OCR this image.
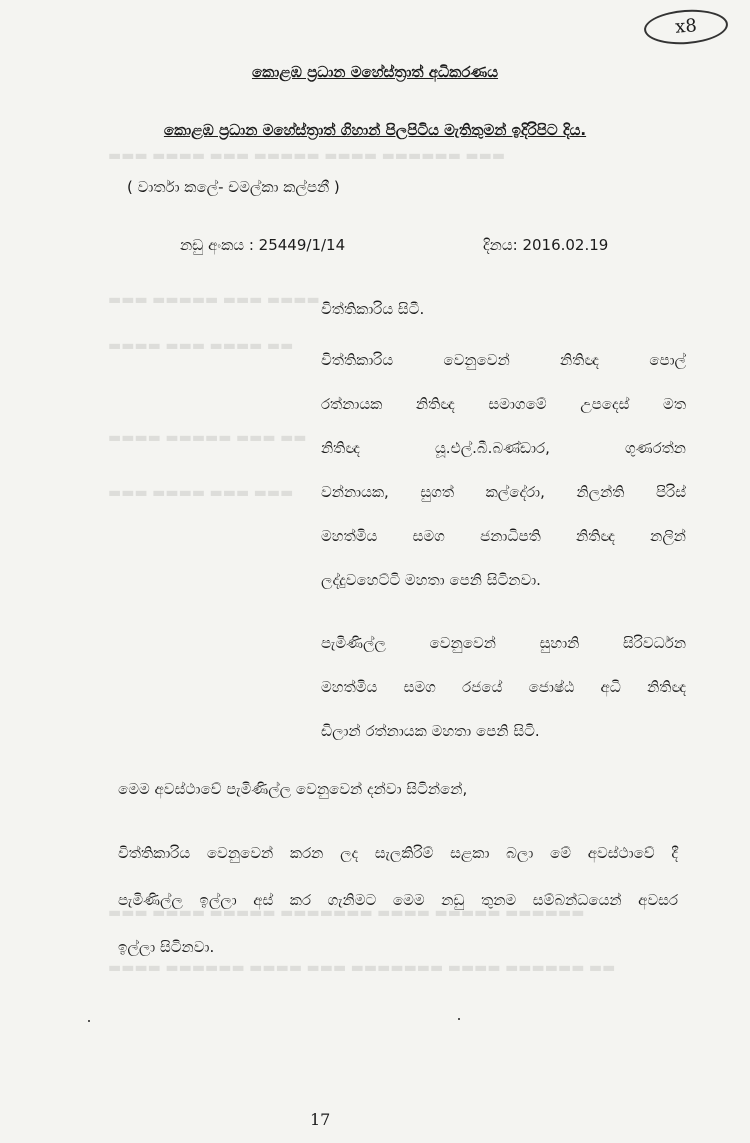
▬▬▬ ▬▬▬▬ ▬▬▬ ▬▬▬▬▬ ▬▬▬▬ ▬▬▬▬▬▬ ▬▬▬
▬▬▬ ▬▬▬▬▬ ▬▬▬ ▬▬▬▬
▬▬▬▬ ▬▬▬ ▬▬▬▬ ▬▬
▬▬▬▬ ▬▬▬▬▬ ▬▬▬ ▬▬
▬▬▬ ▬▬▬▬ ▬▬▬ ▬▬▬
▬▬▬ ▬▬▬▬ ▬▬▬▬▬ ▬▬▬▬▬▬▬ ▬▬▬▬ ▬▬▬▬▬ ▬▬▬▬▬▬
▬▬▬▬ ▬▬▬▬▬▬ ▬▬▬▬ ▬▬▬ ▬▬▬▬▬▬▬ ▬▬▬▬ ▬▬▬▬▬▬ ▬▬
x8
කොළඹ ප්‍රධාන මහේස්ත්‍රාත් අධිකරණය
කොළඹ ප්‍රධාන මහේස්ත්‍රාත් ගිහාන් පිලපිටිය මැතිතුමන් ඉදිරිපිට දිය.
( වාර්තා කලේ- චමල්කා කල්පනී )
නඩු අංකය : 25449/1/14	දිනය: 2016.02.19
විත්තිකාරිය සිටී.
විත්තිකාරිය වෙනුවෙන් නිතිඥ පොල්
රත්නායක නිතිඥ සමාගමේ උපදෙස් මත
නිතිඥ යූ.එල්.බී.බණ්ඩාර, ගුණරත්න
වන්නායක, සුගත් කල්දේරා, නිලන්ති පිරිස්
මහත්මිය සමග ජනාධිපති නිතිඥ නලින්
ලද්දුවහෙට්ටි මහතා පෙනි සිටිනවා.
පැමිණිල්ල වෙනුවෙන් සුහානි සිරිවර්ධන
මහත්මිය සමග රජයේ ජොෂ්ඨ අධි නිතිඥ
ඩිලාන් රත්නායක මහතා පෙනි සිටි.
මෙම අවස්ථාවේ පැමිණිල්ල වෙනුවෙන් දන්වා සිටින්නේ,
විත්තිකාරිය වෙනුවෙන් කරන ලද සැලකිරිම් සළකා බලා මේ අවස්ථාවේ දී
පැමිණිල්ල ඉල්ලා අස් කර ගැනිමට මෙම නඩු තුනම සම්බන්ධයෙන් අවසර
ඉල්ලා සිටිනවා.
17
